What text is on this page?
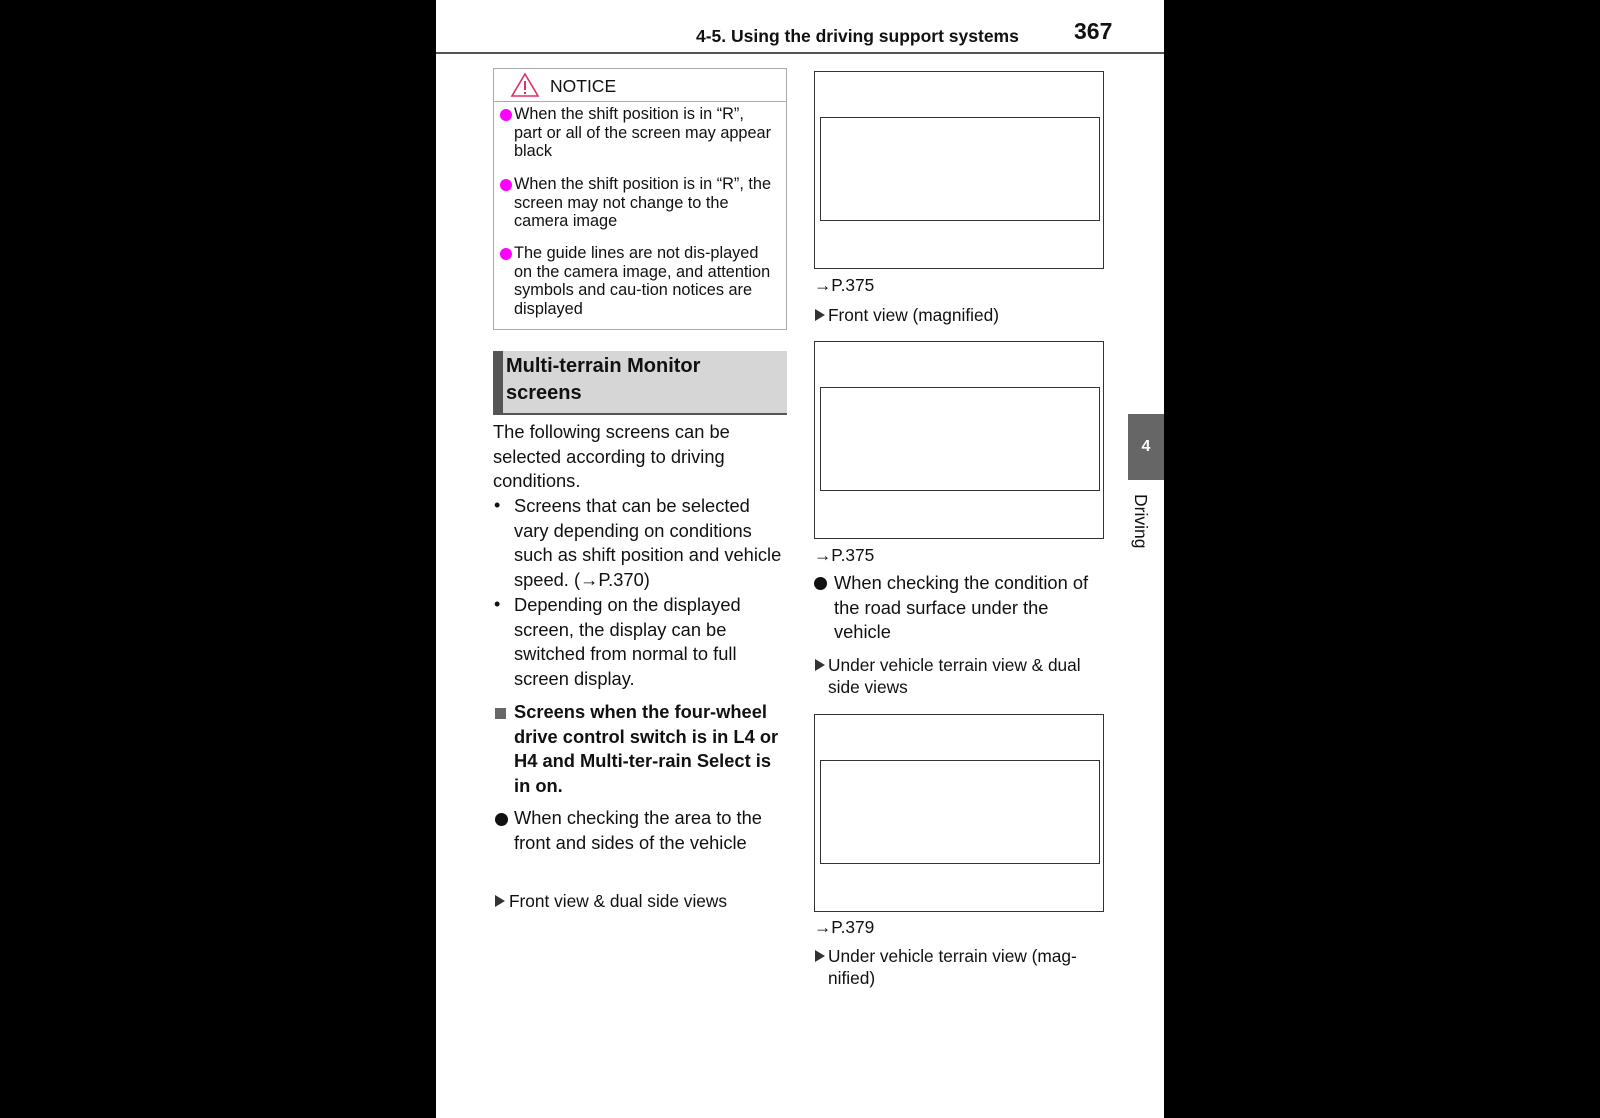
4-5. Using the driving support systems 367
NOTICE
When the shift position is in “R”, part or all of the screen may appear black
When the shift position is in “R”, the screen may not change to the camera image
The guide lines are not dis-played on the camera image, and attention symbols and cau-tion notices are displayed
Multi-terrain Monitor screens
The following screens can be selected according to driving conditions.
• Screens that can be selected vary depending on conditions such as shift position and vehicle speed. (→P.370)
• Depending on the displayed screen, the display can be switched from normal to full screen display.
Screens when the four-wheel drive control switch is in L4 or H4 and Multi-ter-rain Select is in on.
When checking the area to the front and sides of the vehicle
Front view & dual side views
→P.375
Front view (magnified)
→P.375
When checking the condition of the road surface under the vehicle
Under vehicle terrain view & dual side views
→P.379
Under vehicle terrain view (mag-nified)
4
Driving
